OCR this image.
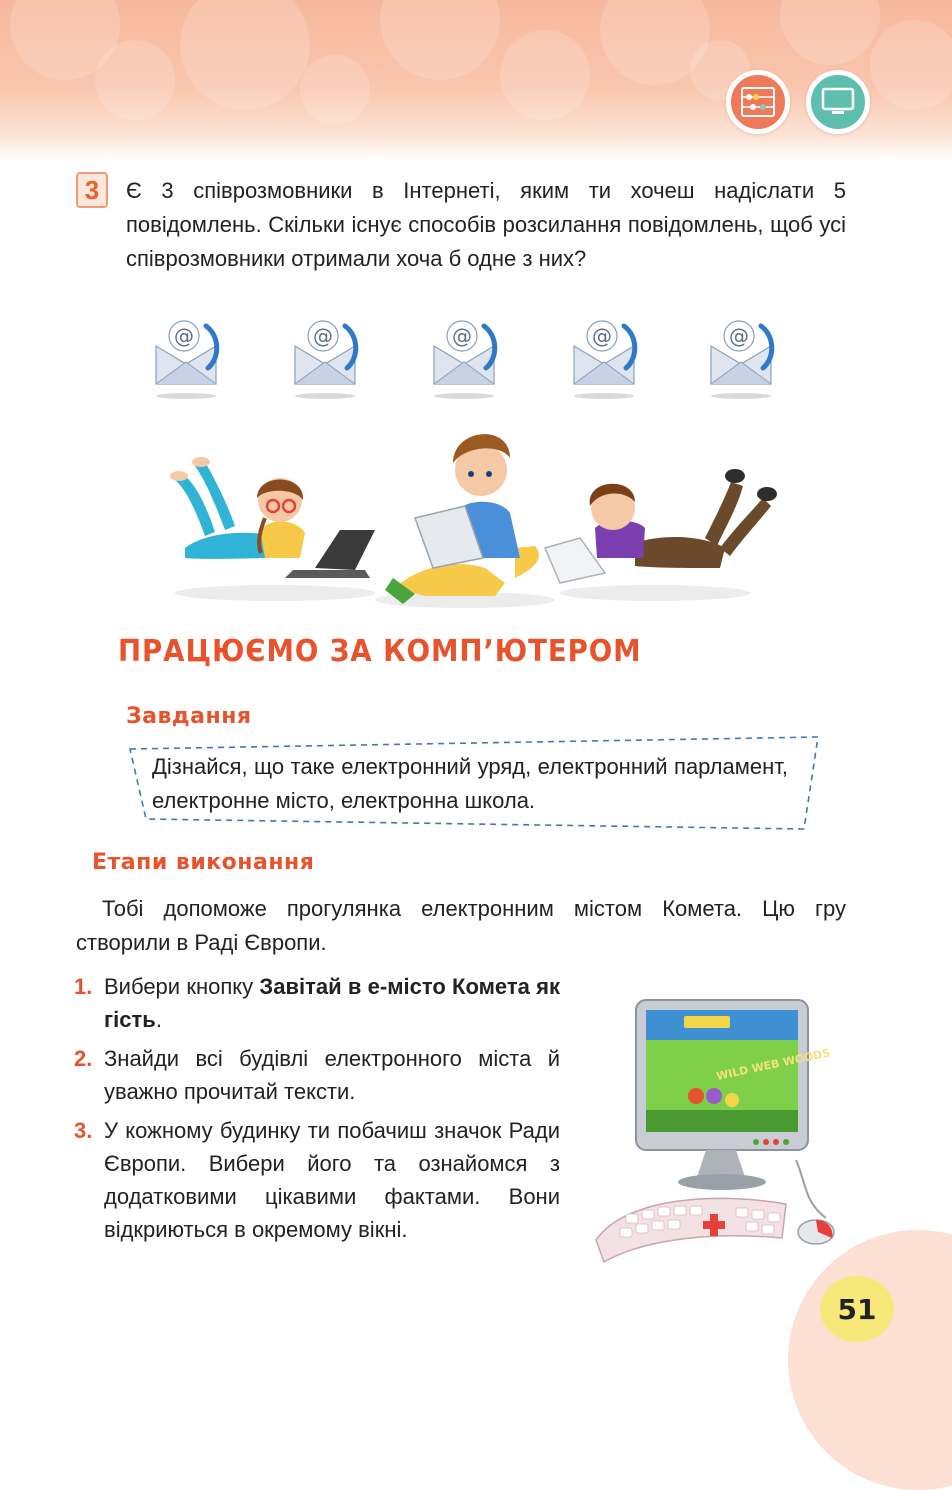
3	Є 3 співрозмовники в Інтернеті, яким ти хочеш надіслати 5 повідомлень. Скільки існує способів розсилання повідомлень, щоб усі співрозмовники отримали хоча б одне з них?
@	@	@	@	@
ПРАЦЮЄМО ЗА КОМП’ЮТЕРОМ
Завдання
Дізнайся, що таке електронний уряд, електронний парламент, електронне місто, електронна школа.
Етапи виконання
Тобі допоможе прогулянка електронним містом Комета. Цю гру створили в Раді Європи.
1. Вибери кнопку Завітай в е-місто Комета як гість.
2. Знайди всі будівлі електронного міста й уважно прочитай тексти.
3. У кожному будинку ти побачиш значок Ради Європи. Вибери його та ознайомся з додатковими цікавими фактами. Вони відкриються в окремому вікні.
WILD WEB WOODS
51
